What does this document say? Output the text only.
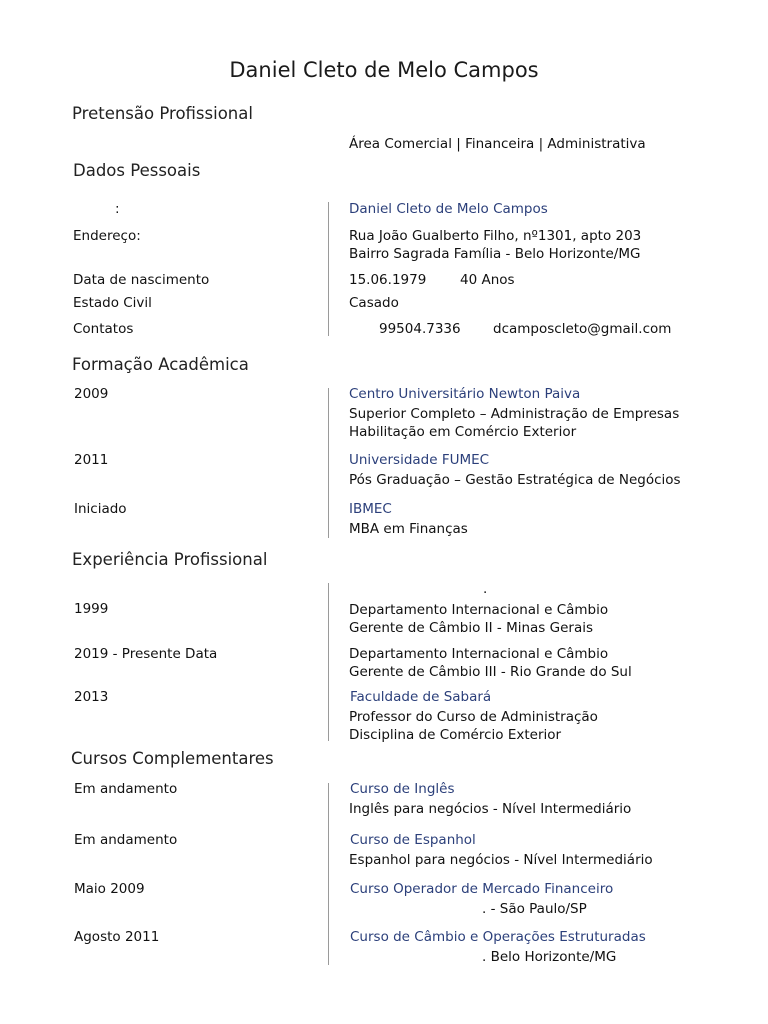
Daniel Cleto de Melo Campos
Pretensão Profissional
Área Comercial | Financeira | Administrativa
Dados Pessoais
:	Daniel Cleto de Melo Campos
Endereço:	Rua João Gualberto Filho, nº1301, apto 203
Bairro Sagrada Família - Belo Horizonte/MG
Data de nascimento	15.06.1979 40 Anos
Estado Civil	Casado
Contatos	99504.7336 dcamposcleto@gmail.com
Formação Acadêmica
2009	Centro Universitário Newton Paiva
Superior Completo – Administração de Empresas
Habilitação em Comércio Exterior
2011	Universidade FUMEC
Pós Graduação – Gestão Estratégica de Negócios
Iniciado	IBMEC
MBA em Finanças
Experiência Profissional
.
1999	Departamento Internacional e Câmbio
Gerente de Câmbio II - Minas Gerais
2019 - Presente Data	Departamento Internacional e Câmbio
Gerente de Câmbio III - Rio Grande do Sul
2013	Faculdade de Sabará
Professor do Curso de Administração
Disciplina de Comércio Exterior
Cursos Complementares
Em andamento	Curso de Inglês
Inglês para negócios - Nível Intermediário
Em andamento	Curso de Espanhol
Espanhol para negócios - Nível Intermediário
Maio 2009	Curso Operador de Mercado Financeiro
. - São Paulo/SP
Agosto 2011	Curso de Câmbio e Operações Estruturadas
. Belo Horizonte/MG
